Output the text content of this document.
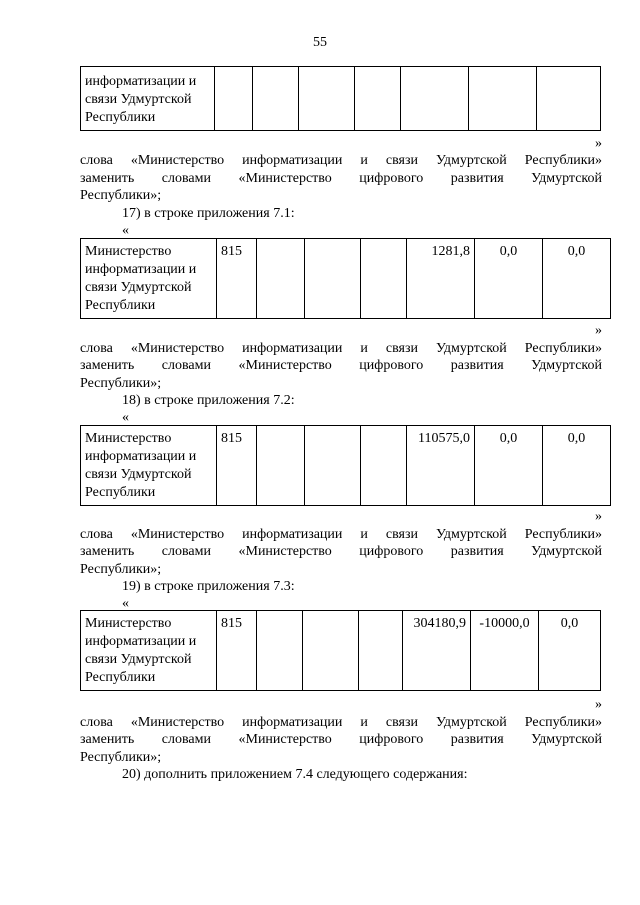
55
информатизации и связи Удмуртской Республики							
»
слова «Министерство информатизации и связи Удмуртской Республики»
заменить словами «Министерство цифрового развития Удмуртской
Республики»;
17) в строке приложения 7.1:
«
Министерство информатизации и связи Удмуртской Республики	815				1281,8	0,0	0,0
»
слова «Министерство информатизации и связи Удмуртской Республики»
заменить словами «Министерство цифрового развития Удмуртской
Республики»;
18) в строке приложения 7.2:
«
Министерство информатизации и связи Удмуртской Республики	815				110575,0	0,0	0,0
»
слова «Министерство информатизации и связи Удмуртской Республики»
заменить словами «Министерство цифрового развития Удмуртской
Республики»;
19) в строке приложения 7.3:
«
Министерство информатизации и связи Удмуртской Республики	815				304180,9	-10000,0	0,0
»
слова «Министерство информатизации и связи Удмуртской Республики»
заменить словами «Министерство цифрового развития Удмуртской
Республики»;
20) дополнить приложением 7.4 следующего содержания:
